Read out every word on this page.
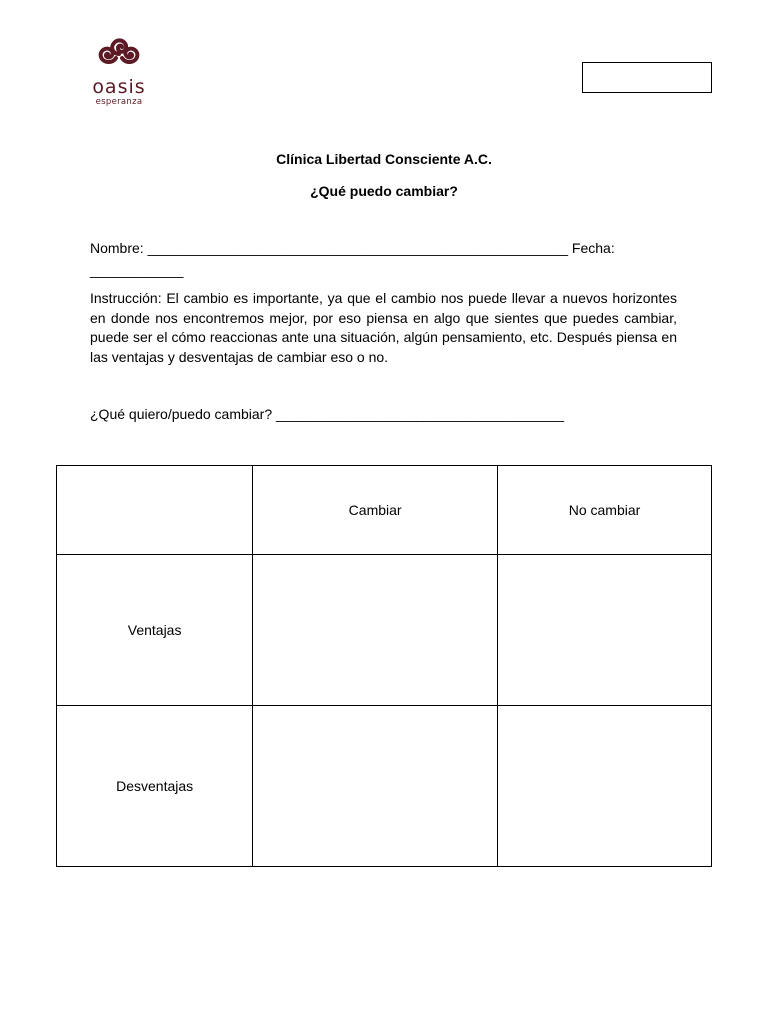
oasis
esperanza
Clínica Libertad Consciente A.C.
¿Qué puedo cambiar?
Nombre: ______________________________________________________ Fecha:
____________
Instrucción: El cambio es importante, ya que el cambio nos puede llevar a nuevos horizontes en donde nos encontremos mejor, por eso piensa en algo que sientes que puedes cambiar, puede ser el cómo reaccionas ante una situación, algún pensamiento, etc. Después piensa en las ventajas y desventajas de cambiar eso o no.
¿Qué quiero/puedo cambiar? _____________________________________
	Cambiar	No cambiar
Ventajas		
Desventajas		
